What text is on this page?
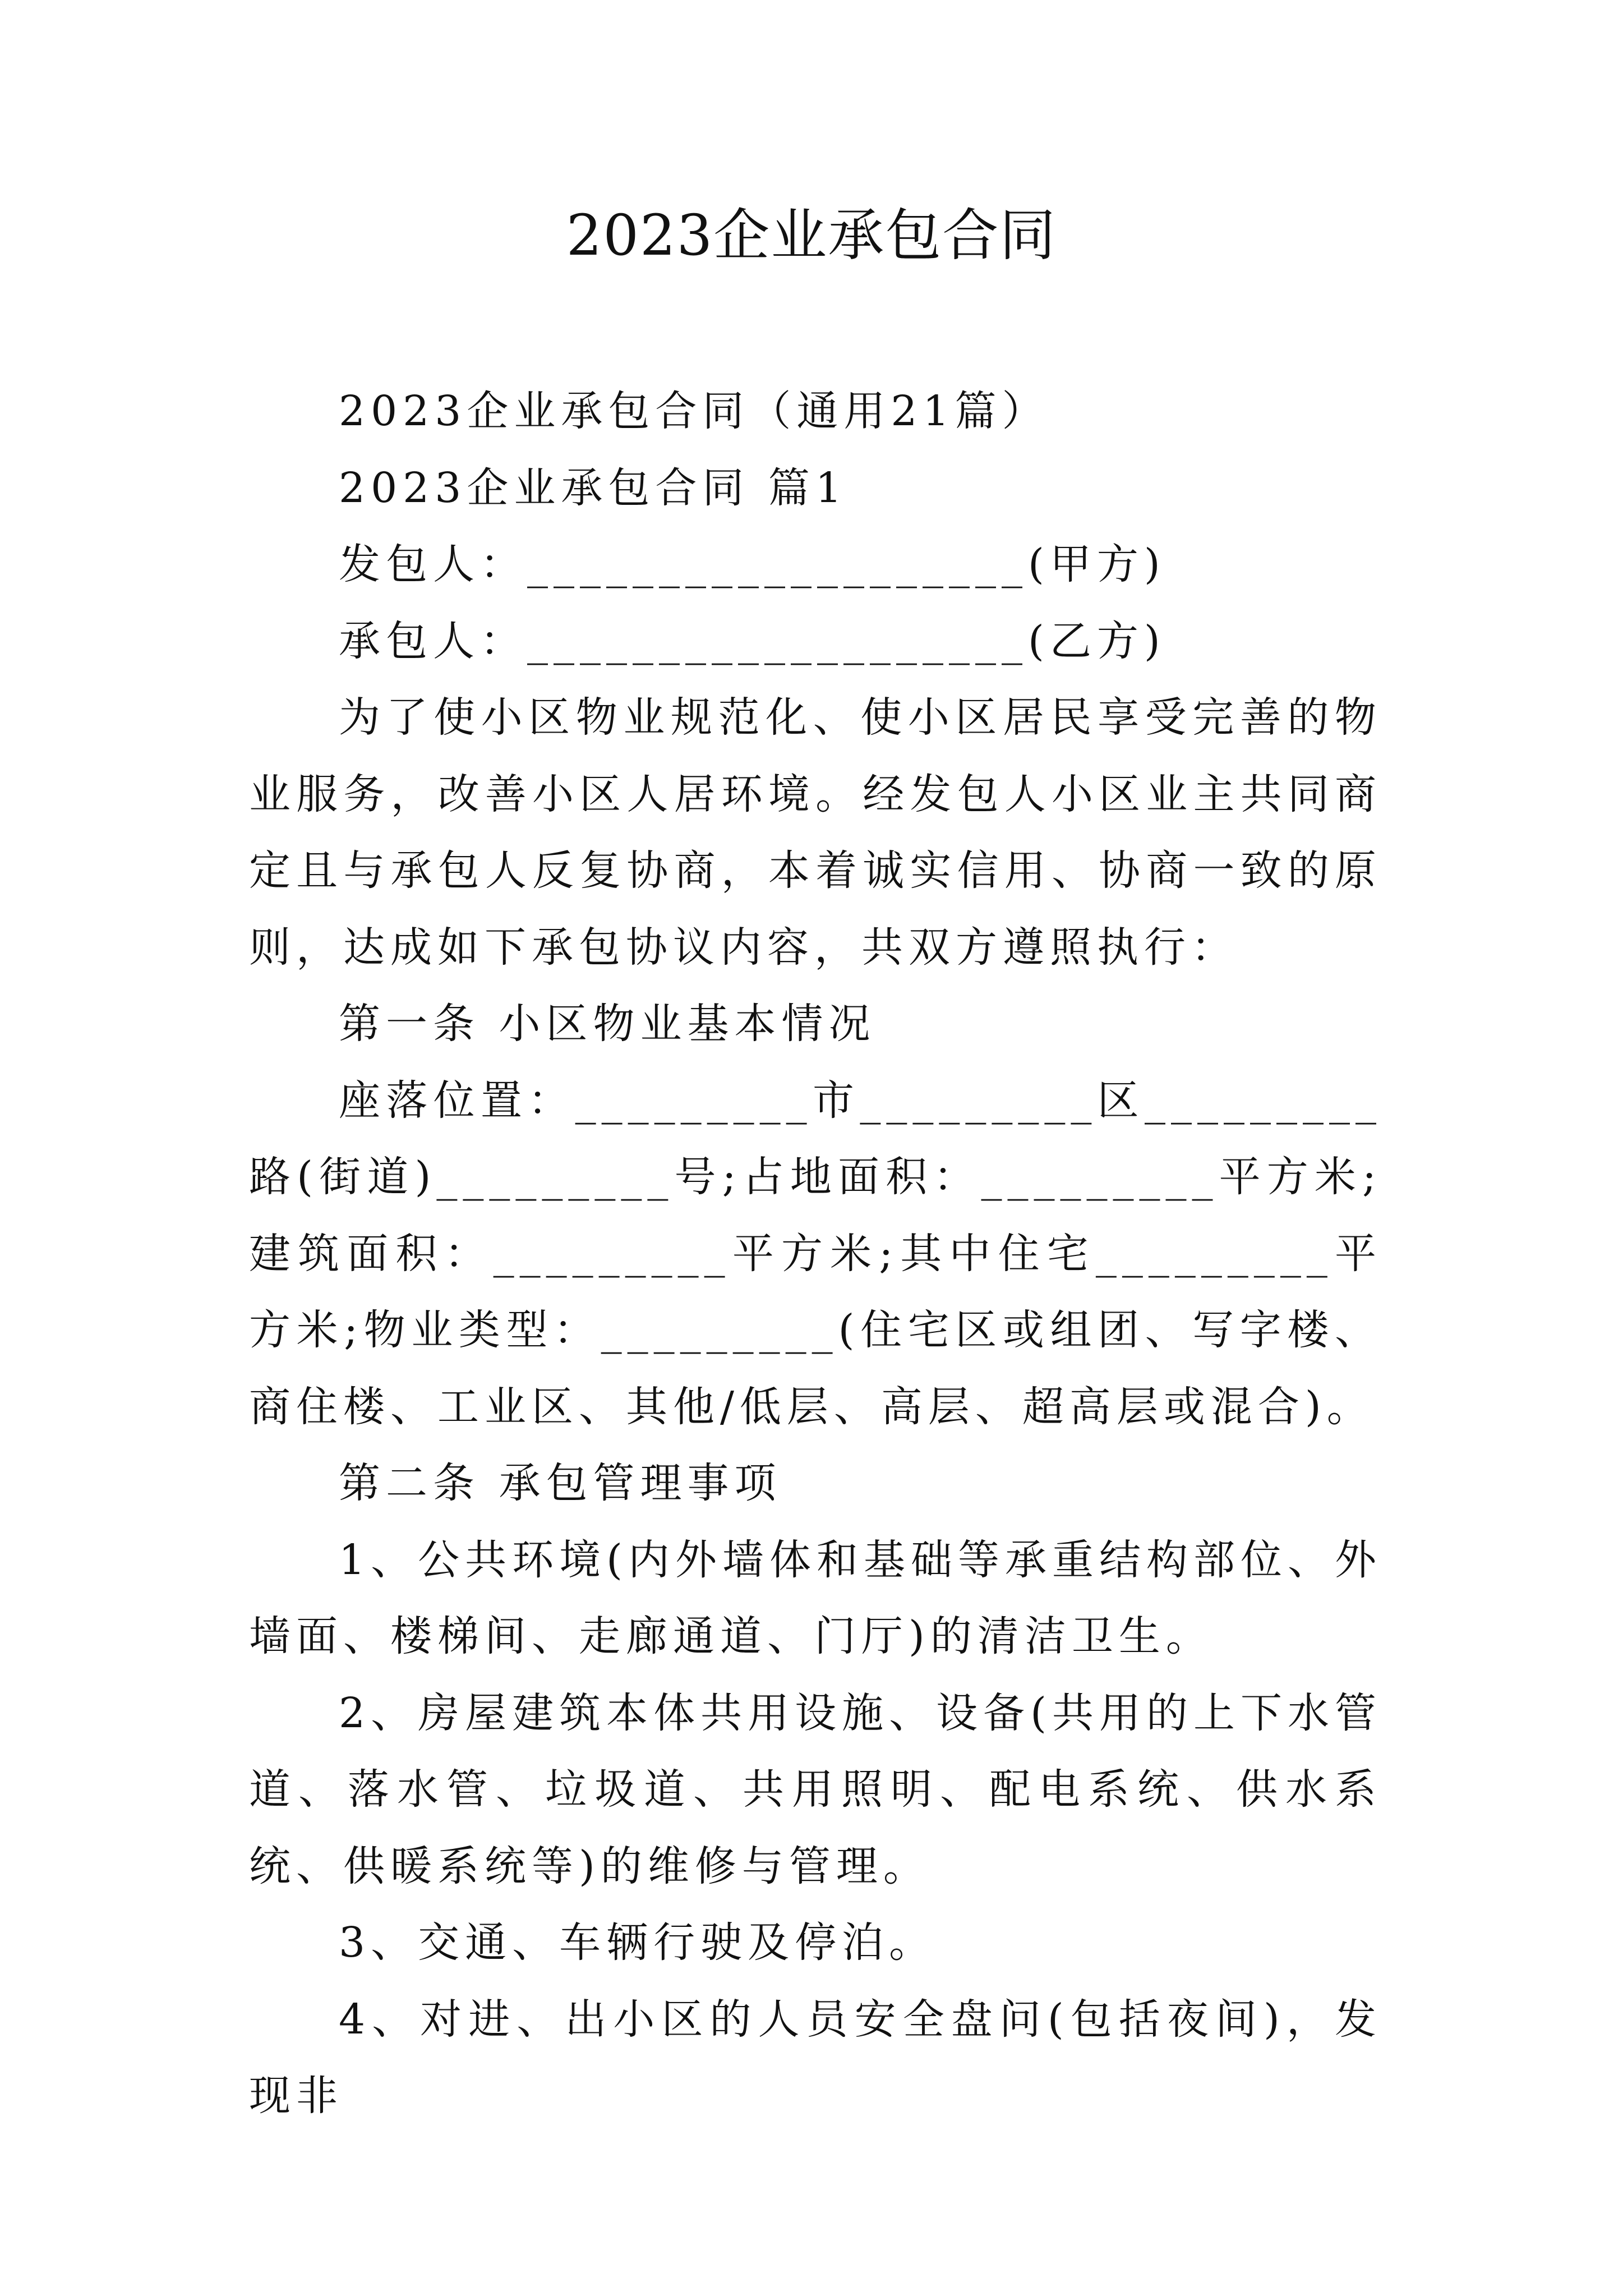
2023企业承包合同

2023企业承包合同（通用21篇）

2023企业承包合同 篇1

发包人：___________________(甲方)

承包人：___________________(乙方)

为了使小区物业规范化、使小区居民享受完善的物业服务，改善小区人居环境。经发包人小区业主共同商定且与承包人反复协商，本着诚实信用、协商一致的原则，达成如下承包协议内容，共双方遵照执行：

第一条 小区物业基本情况

座落位置：_________市_________区_________路(街道)_________号;占地面积：_________平方米;建筑面积：_________平方米;其中住宅_________平方米;物业类型：_________(住宅区或组团、写字楼、商住楼、工业区、其他/低层、高层、超高层或混合)。

第二条 承包管理事项

1、公共环境(内外墙体和基础等承重结构部位、外墙面、楼梯间、走廊通道、门厅)的清洁卫生。

2、房屋建筑本体共用设施、设备(共用的上下水管道、落水管、垃圾道、共用照明、配电系统、供水系统、供暖系统等)的维修与管理。

3、交通、车辆行驶及停泊。

4、对进、出小区的人员安全盘问(包括夜间)，发现非
